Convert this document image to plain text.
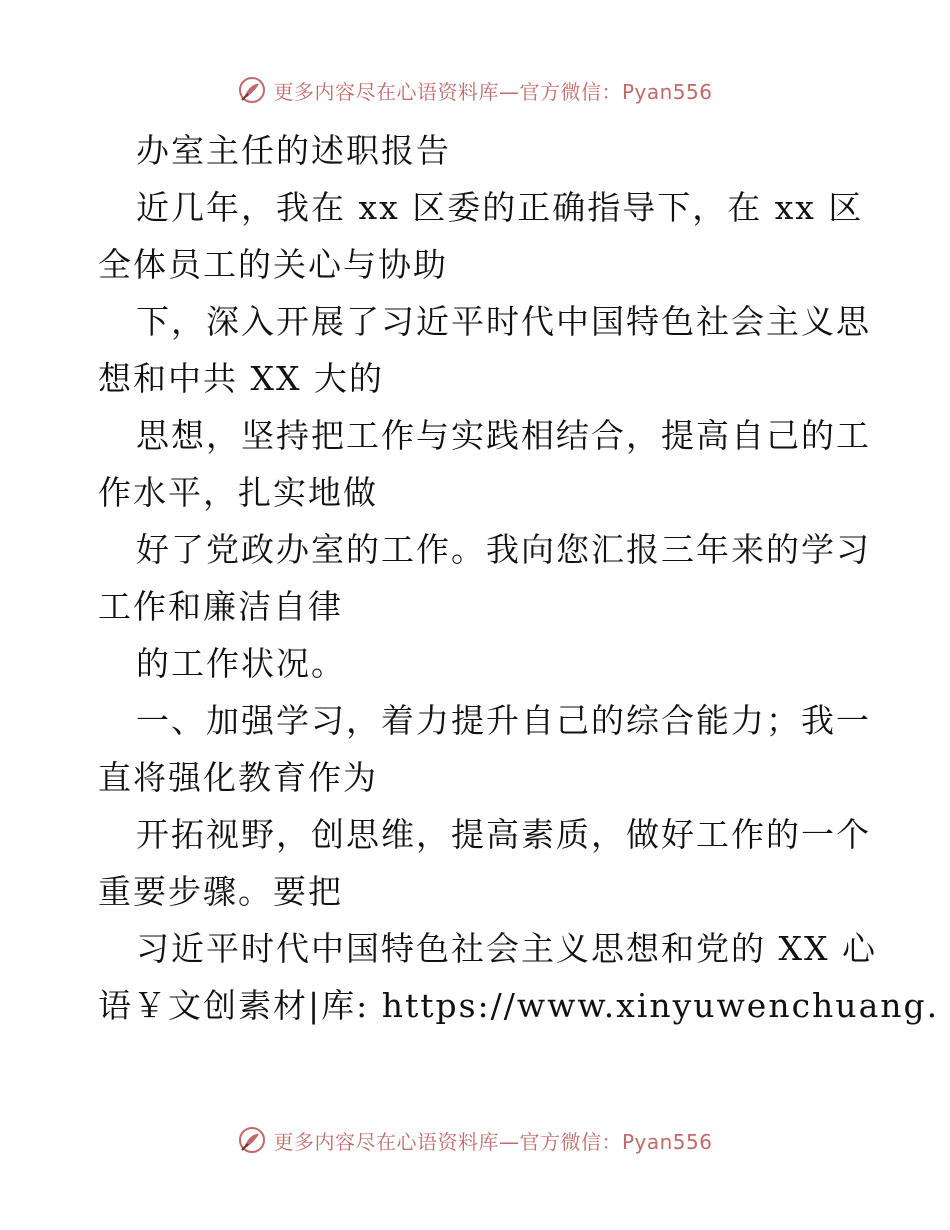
更多内容尽在心语资料库—官方微信：Pyan556
办室主任的述职报告
近几年，我在 xx 区委的正确指导下，在 xx 区
全体员工的关心与协助
下，深入开展了习近平时代中国特色社会主义思
想和中共 XX 大的
思想，坚持把工作与实践相结合，提高自己的工
作水平，扎实地做
好了党政办室的工作。我向您汇报三年来的学习
工作和廉洁自律
的工作状况。
一、加强学习，着力提升自己的综合能力；我一
直将强化教育作为
开拓视野，创思维，提高素质，做好工作的一个
重要步骤。要把
习近平时代中国特色社会主义思想和党的 XX 心
语￥文创素材|库: https://www.xinyuwenchuang.
更多内容尽在心语资料库—官方微信：Pyan556
